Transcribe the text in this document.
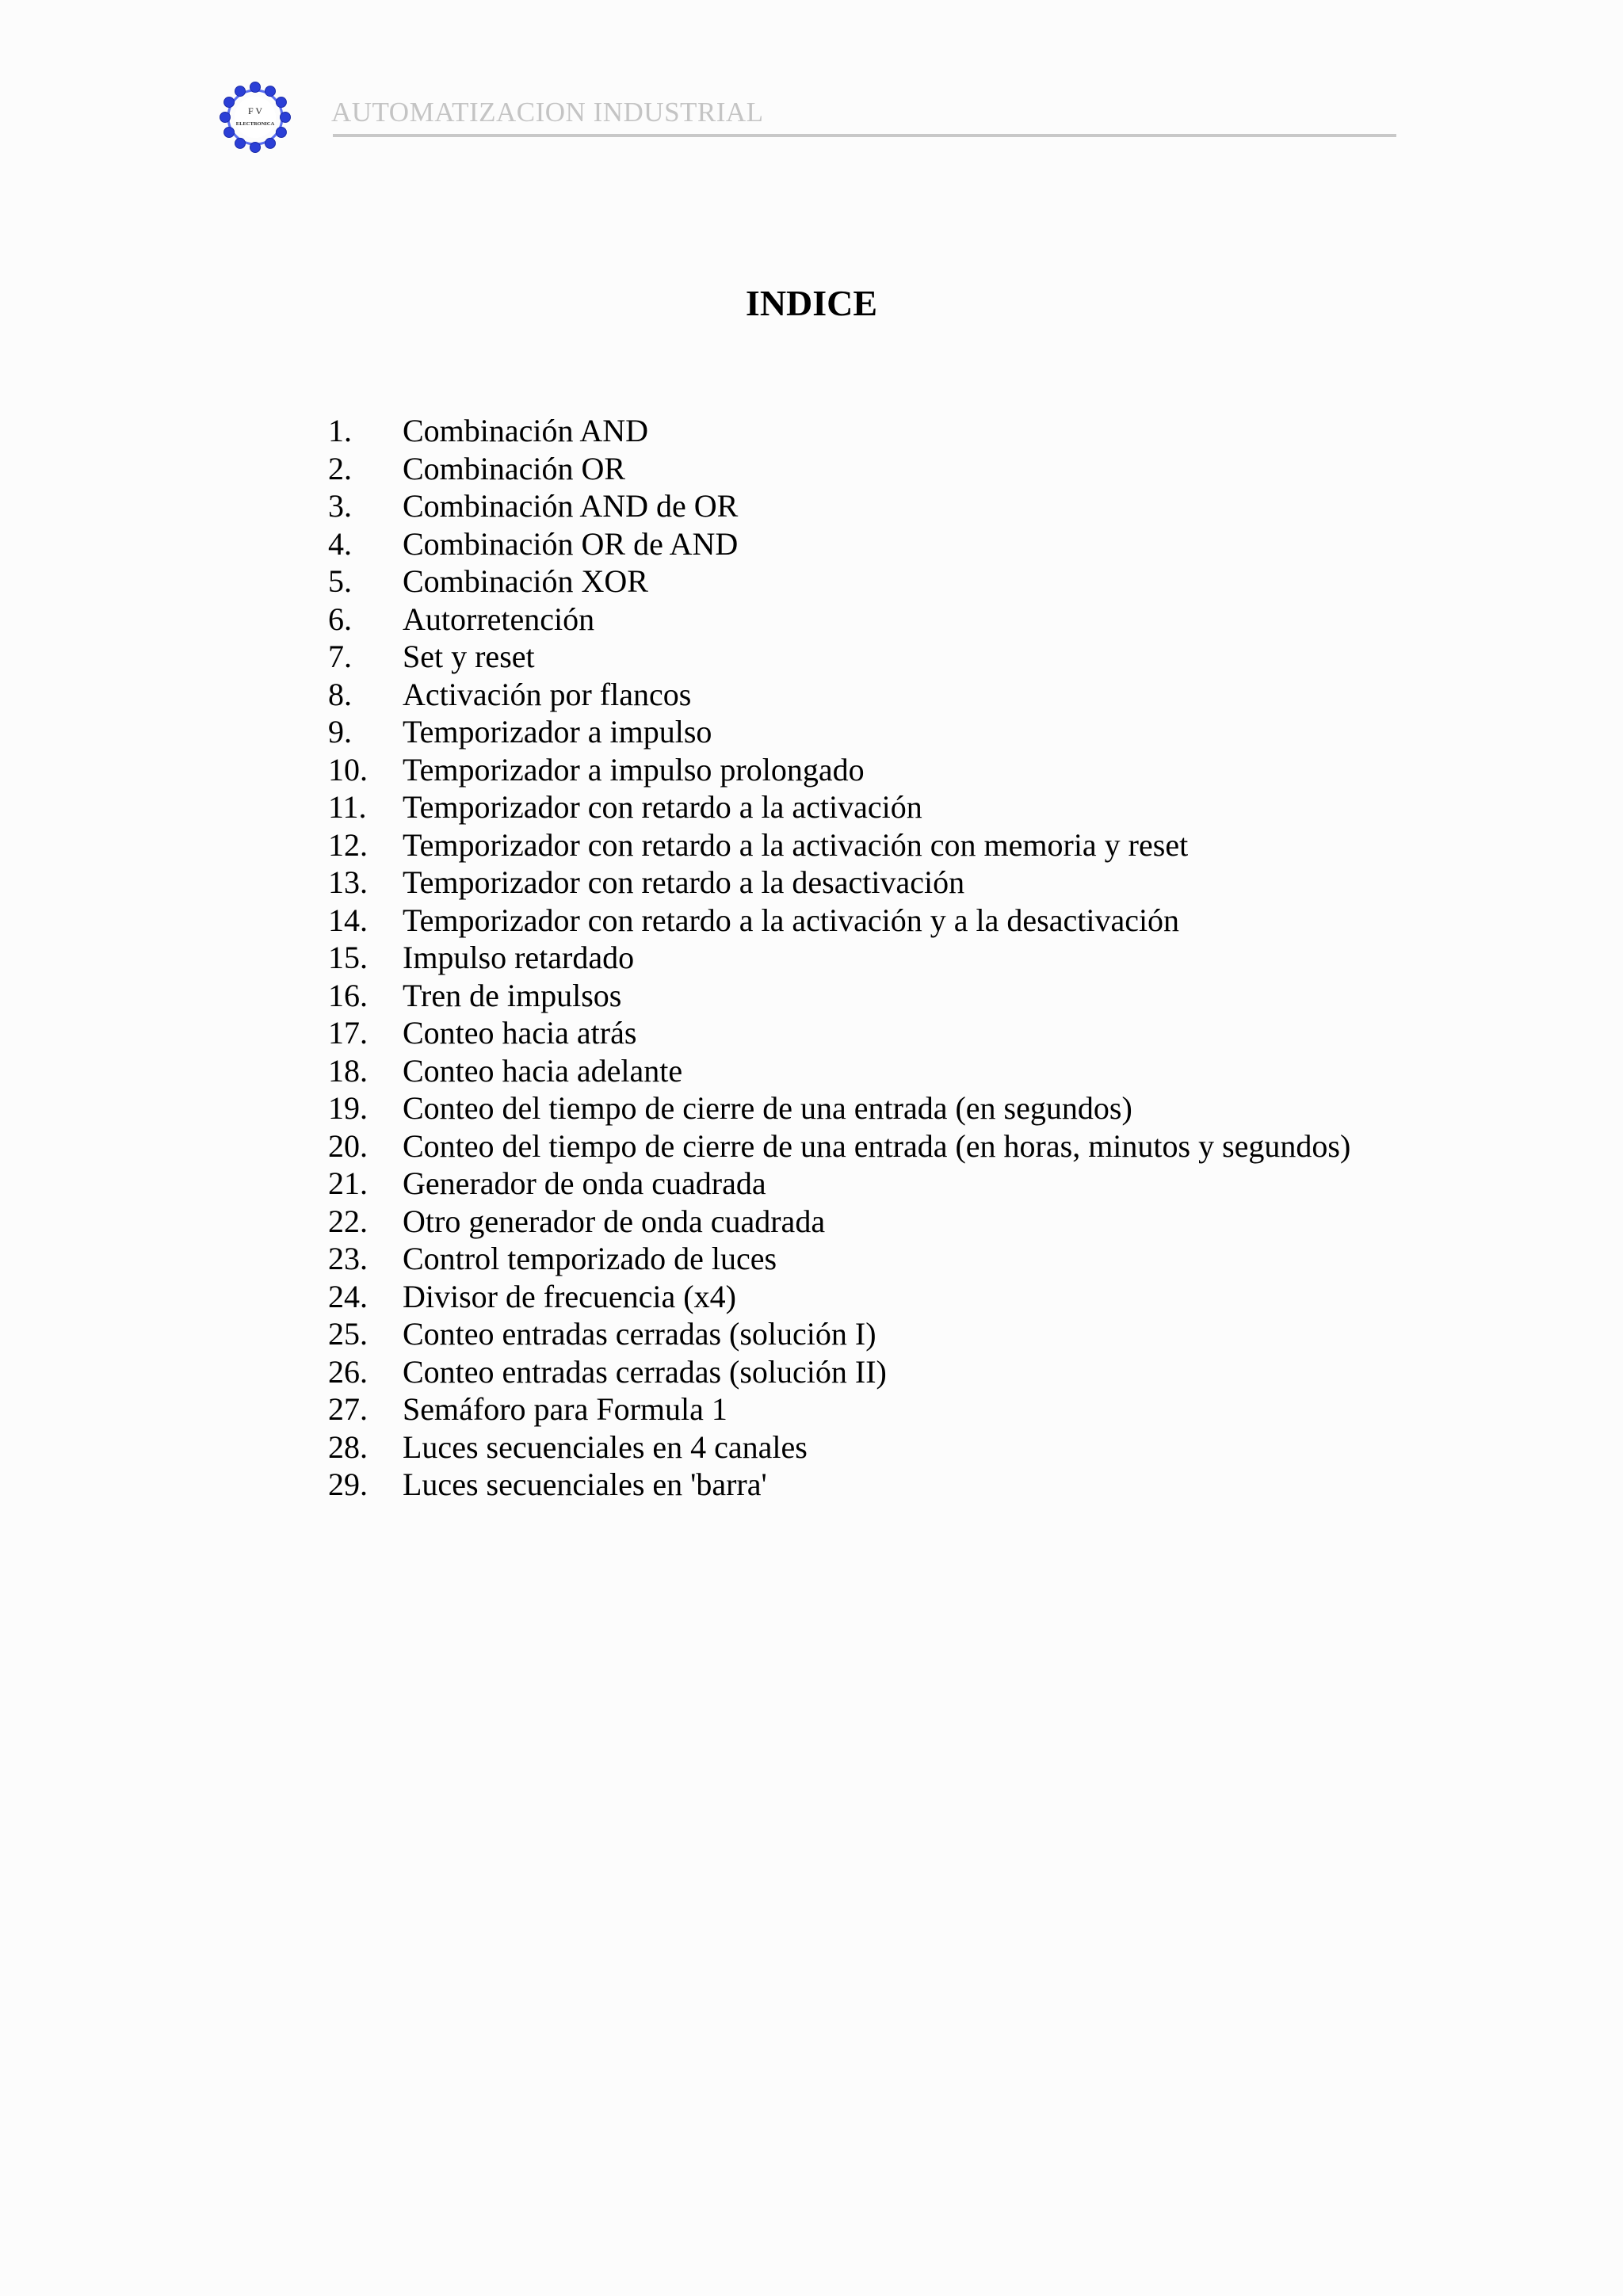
F V
ELECTRONICA AUTOMATIZACION INDUSTRIAL
INDICE
1. Combinación AND
2. Combinación OR
3. Combinación AND de OR
4. Combinación OR de AND
5. Combinación XOR
6. Autorretención
7. Set y reset
8. Activación por flancos
9. Temporizador a impulso
10. Temporizador a impulso prolongado
11. Temporizador con retardo a la activación
12. Temporizador con retardo a la activación con memoria y reset
13. Temporizador con retardo a la desactivación
14. Temporizador con retardo a la activación y a la desactivación
15. Impulso retardado
16. Tren de impulsos
17. Conteo hacia atrás
18. Conteo hacia adelante
19. Conteo del tiempo de cierre de una entrada (en segundos)
20. Conteo del tiempo de cierre de una entrada (en horas, minutos y segundos)
21. Generador de onda cuadrada
22. Otro generador de onda cuadrada
23. Control temporizado de luces
24. Divisor de frecuencia (x4)
25. Conteo entradas cerradas (solución I)
26. Conteo entradas cerradas (solución II)
27. Semáforo para Formula 1
28. Luces secuenciales en 4 canales
29. Luces secuenciales en 'barra'
